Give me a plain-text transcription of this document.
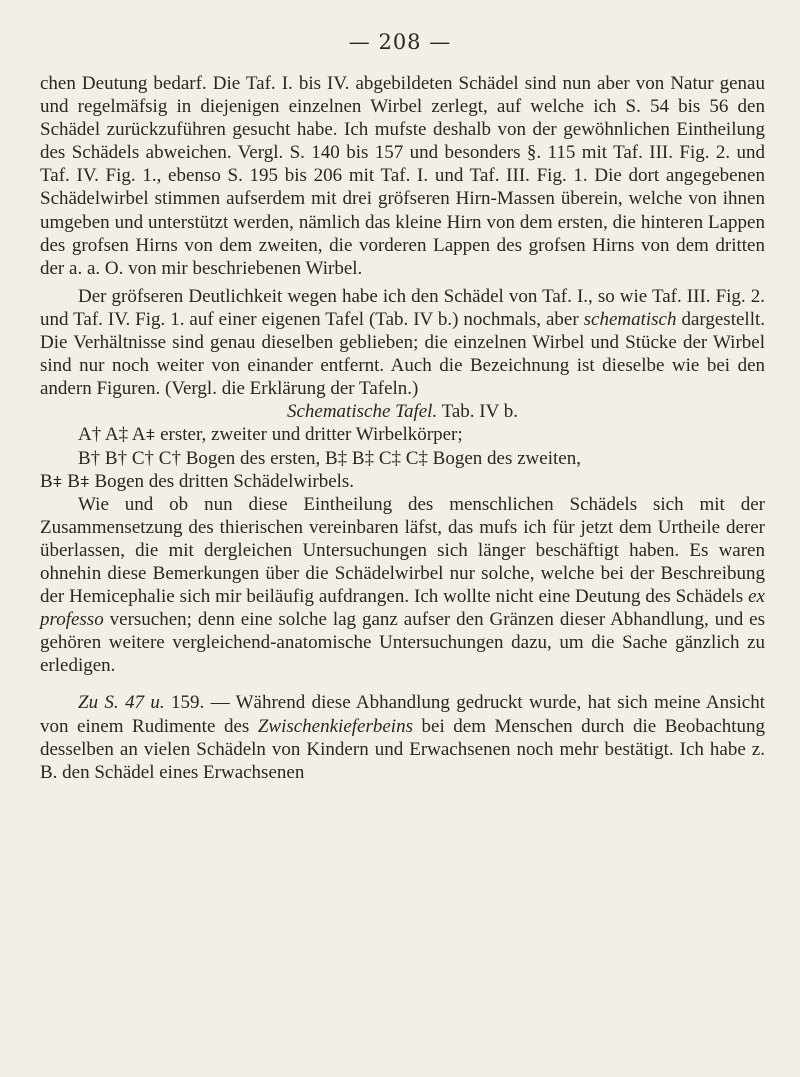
— 208 —

chen Deutung bedarf. Die Taf. I. bis IV. abgebildeten Schädel sind nun aber von Natur genau und regelmäfsig in diejenigen einzelnen Wirbel zerlegt, auf welche ich S. 54 bis 56 den Schädel zurückzuführen gesucht habe. Ich mufste deshalb von der gewöhnlichen Eintheilung des Schädels abweichen. Vergl. S. 140 bis 157 und besonders §. 115 mit Taf. III. Fig. 2. und Taf. IV. Fig. 1., ebenso S. 195 bis 206 mit Taf. I. und Taf. III. Fig. 1. Die dort angegebenen Schädelwirbel stimmen aufserdem mit drei gröfseren Hirn-Massen überein, welche von ihnen umgeben und unterstützt werden, nämlich das kleine Hirn von dem ersten, die hinteren Lappen des grofsen Hirns von dem zweiten, die vorderen Lappen des grofsen Hirns von dem dritten der a. a. O. von mir beschriebenen Wirbel.

Der gröfseren Deutlichkeit wegen habe ich den Schädel von Taf. I., so wie Taf. III. Fig. 2. und Taf. IV. Fig. 1. auf einer eigenen Tafel (Tab. IV b.) nochmals, aber schematisch dargestellt. Die Verhältnisse sind genau dieselben geblieben; die einzelnen Wirbel und Stücke der Wirbel sind nur noch weiter von einander entfernt. Auch die Bezeichnung ist dieselbe wie bei den andern Figuren. (Vergl. die Erklärung der Tafeln.)

Schematische Tafel. Tab. IV b.

A† A‡ A⧧ erster, zweiter und dritter Wirbelkörper;

B† B† C† C† Bogen des ersten, B‡ B‡ C‡ C‡ Bogen des zweiten,

B⧧ B⧧ Bogen des dritten Schädelwirbels.

Wie und ob nun diese Eintheilung des menschlichen Schädels sich mit der Zusammensetzung des thierischen vereinbaren läfst, das mufs ich für jetzt dem Urtheile derer überlassen, die mit dergleichen Untersuchungen sich länger beschäftigt haben. Es waren ohnehin diese Bemerkungen über die Schädelwirbel nur solche, welche bei der Beschreibung der Hemicephalie sich mir beiläufig aufdrangen. Ich wollte nicht eine Deutung des Schädels ex professo versuchen; denn eine solche lag ganz aufser den Gränzen dieser Abhandlung, und es gehören weitere vergleichend-anatomische Untersuchungen dazu, um die Sache gänzlich zu erledigen.

Zu S. 47 u. 159. — Während diese Abhandlung gedruckt wurde, hat sich meine Ansicht von einem Rudimente des Zwischenkieferbeins bei dem Menschen durch die Beobachtung desselben an vielen Schädeln von Kindern und Erwachsenen noch mehr bestätigt. Ich habe z. B. den Schädel eines Erwachsenen
